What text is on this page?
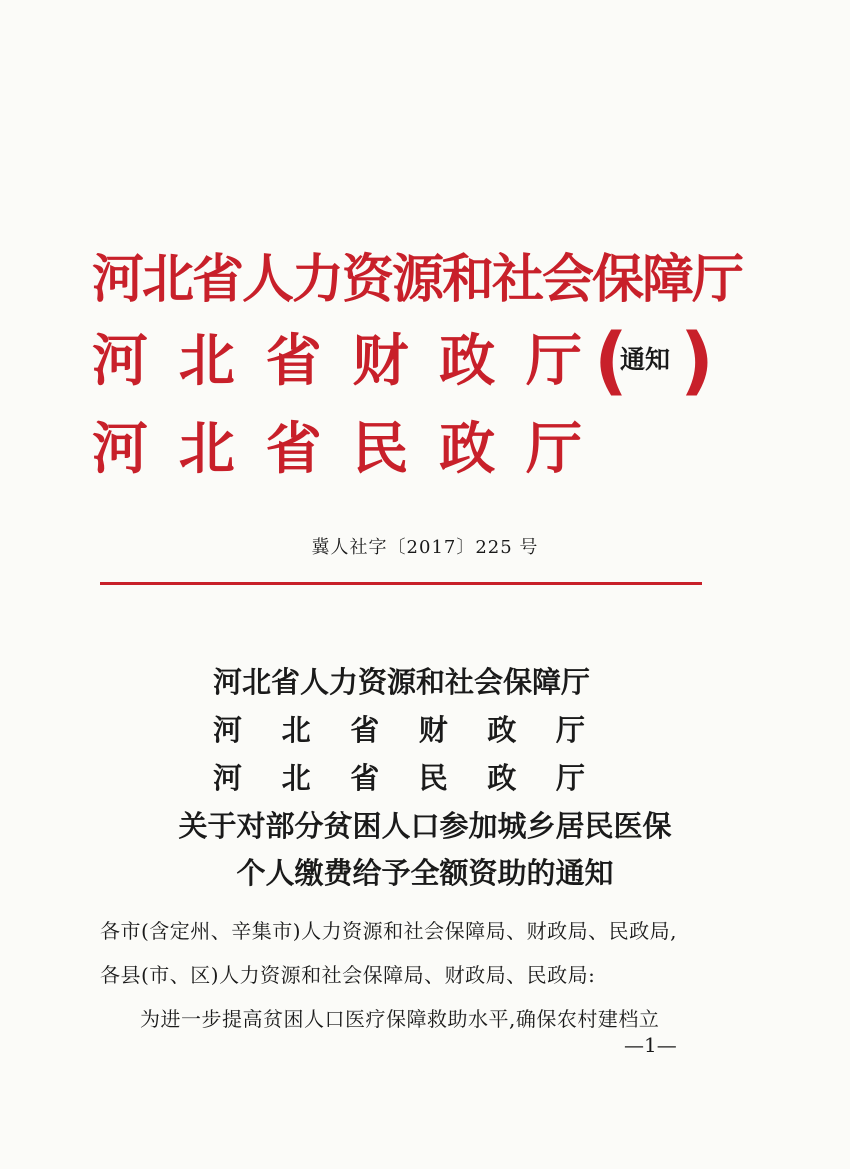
河北省人力资源和社会保障厅
河 北 省 财 政 厅
河 北 省 民 政 厅
(
通知 )
冀人社字〔2017〕225 号
河北省人力资源和社会保障厅
河 北 省 财 政 厅
河 北 省 民 政 厅
关于对部分贫困人口参加城乡居民医保
个人缴费给予全额资助的通知
各市(含定州、辛集市)人力资源和社会保障局、财政局、民政局,
各县(市、区)人力资源和社会保障局、财政局、民政局:
为进一步提高贫困人口医疗保障救助水平,确保农村建档立
—1—
